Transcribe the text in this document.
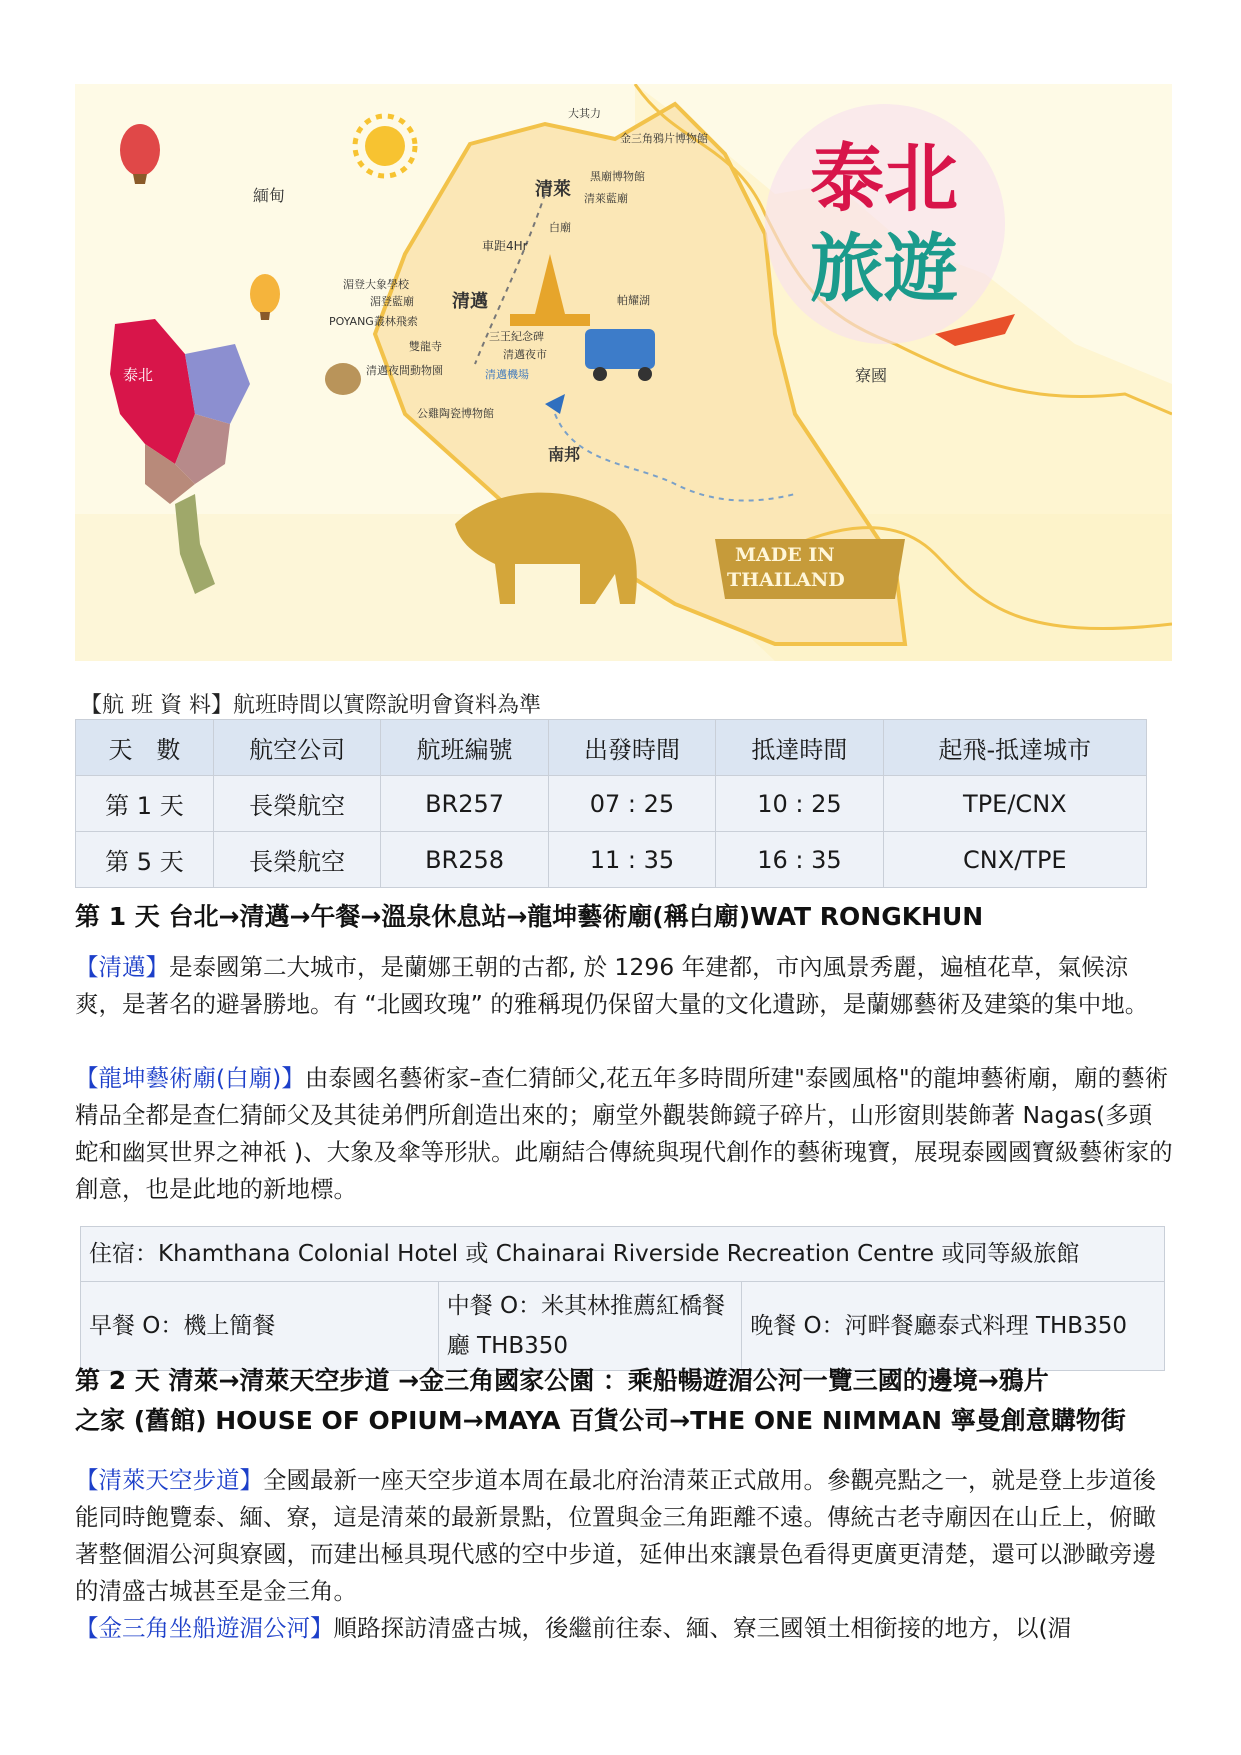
緬甸
寮國
泰北
清萊
清邁
南邦
車距4Hr
大其力
金三角鴉片博物館
黑廟博物館
清萊藍廟
白廟
湄登大象學校
湄登藍廟
POYANG叢林飛索
帕耀湖
三王紀念碑
雙龍寺
清邁夜市
清邁夜間動物園	清邁機場
公雞陶瓷博物館
泰北
旅遊
MADE IN
THAILAND
【航 班 資 料】航班時間以實際說明會資料為準
天　數	航空公司	航班編號	出發時間	抵達時間	起飛-抵達城市
第 1 天	長榮航空	BR257	07 : 25	10 : 25	TPE/CNX
第 5 天	長榮航空	BR258	11 : 35	16 : 35	CNX/TPE
第 1 天 台北→清邁→午餐→溫泉休息站→龍坤藝術廟(稱白廟)WAT RONGKHUN
【清邁】是泰國第二大城市，是蘭娜王朝的古都, 於 1296 年建都，市內風景秀麗，遍植花草，氣候涼爽，是著名的避暑勝地。有 “北國玫瑰” 的雅稱現仍保留大量的文化遺跡，是蘭娜藝術及建築的集中地。
【龍坤藝術廟(白廟)】由泰國名藝術家–查仁猜師父,花五年多時間所建"泰國風格"的龍坤藝術廟，廟的藝術精品全都是查仁猜師父及其徒弟們所創造出來的；廟堂外觀裝飾鏡子碎片，山形窗則裝飾著 Nagas(多頭蛇和幽冥世界之神祇 )、大象及傘等形狀。此廟結合傳統與現代創作的藝術瑰寶，展現泰國國寶級藝術家的創意，也是此地的新地標。
住宿：Khamthana Colonial Hotel 或 Chainarai Riverside Recreation Centre 或同等級旅館
早餐 O：機上簡餐	中餐 O：米其林推薦紅橋餐廳 THB350	晚餐 O：河畔餐廳泰式料理 THB350
第 2 天 清萊→清萊天空步道 →金三角國家公園 ：乘船暢遊湄公河一覽三國的邊境→鴉片
之家 (舊館) HOUSE OF OPIUM→MAYA 百貨公司→THE ONE NIMMAN 寧曼創意購物街
【清萊天空步道】全國最新一座天空步道本周在最北府治清萊正式啟用。參觀亮點之一，就是登上步道後能同時飽覽泰、緬、寮，這是清萊的最新景點，位置與金三角距離不遠。傳統古老寺廟因在山丘上，俯瞰著整個湄公河與寮國，而建出極具現代感的空中步道，延伸出來讓景色看得更廣更清楚，還可以渺瞰旁邊的清盛古城甚至是金三角。
【金三角坐船遊湄公河】順路探訪清盛古城，後繼前往泰、緬、寮三國領土相銜接的地方，以(湄
